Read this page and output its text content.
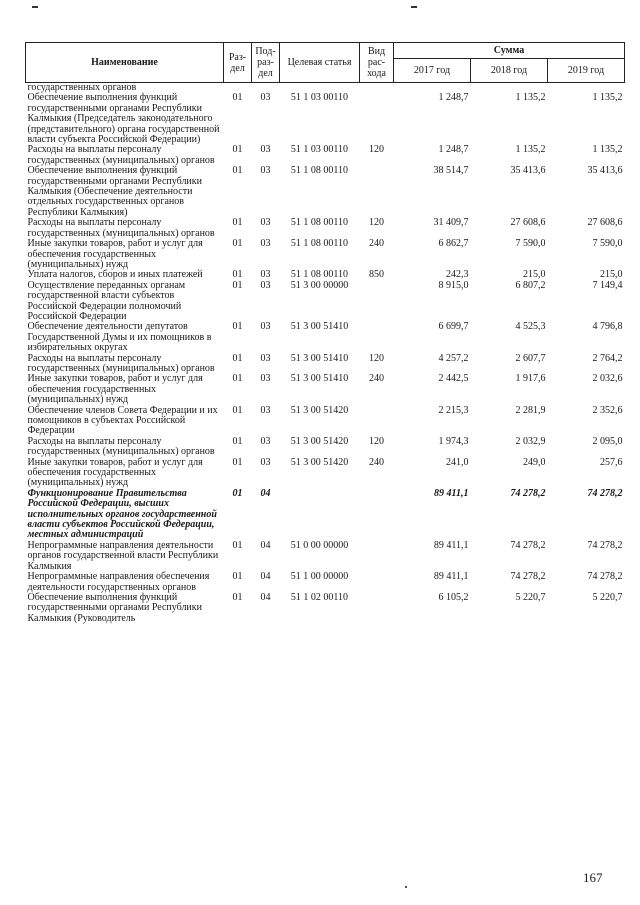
Наименование	Раз-дел	Под-раз-дел	Целевая статья	Вид рас-хода	Сумма		
					2017 год	2018 год	2019 год
государственных органов							
Обеспечение выполнения функций государственными органами Республики Калмыкия (Председатель законодательного (представительного) органа государственной власти субъекта Российской Федерации)	01	03	51 1 03 00110		1 248,7	1 135,2	1 135,2
Расходы на выплаты персоналу государственных (муниципальных) органов	01	03	51 1 03 00110	120	1 248,7	1 135,2	1 135,2
Обеспечение выполнения функций государственными органами Республики Калмыкия (Обеспечение деятельности отдельных государственных органов Республики Калмыкия)	01	03	51 1 08 00110		38 514,7	35 413,6	35 413,6
Расходы на выплаты персоналу государственных (муниципальных) органов	01	03	51 1 08 00110	120	31 409,7	27 608,6	27 608,6
Иные закупки товаров, работ и услуг для обеспечения государственных (муниципальных) нужд	01	03	51 1 08 00110	240	6 862,7	7 590,0	7 590,0
Уплата налогов, сборов и иных платежей	01	03	51 1 08 00110	850	242,3	215,0	215,0
Осуществление переданных органам государственной власти субъектов Российской Федерации полномочий Российской Федерации	01	03	51 3 00 00000		8 915,0	6 807,2	7 149,4
Обеспечение деятельности депутатов Государственной Думы и их помощников в избирательных округах	01	03	51 3 00 51410		6 699,7	4 525,3	4 796,8
Расходы на выплаты персоналу государственных (муниципальных) органов	01	03	51 3 00 51410	120	4 257,2	2 607,7	2 764,2
Иные закупки товаров, работ и услуг для обеспечения государственных (муниципальных) нужд	01	03	51 3 00 51410	240	2 442,5	1 917,6	2 032,6
Обеспечение членов Совета Федерации и их помощников в субъектах Российской Федерации	01	03	51 3 00 51420		2 215,3	2 281,9	2 352,6
Расходы на выплаты персоналу государственных (муниципальных) органов	01	03	51 3 00 51420	120	1 974,3	2 032,9	2 095,0
Иные закупки товаров, работ и услуг для обеспечения государственных (муниципальных) нужд	01	03	51 3 00 51420	240	241,0	249,0	257,6
Функционирование Правительства Российской Федерации, высших исполнительных органов государственной власти субъектов Российской Федерации, местных администраций	01	04			89 411,1	74 278,2	74 278,2
Непрограммные направления деятельности органов государственной власти Республики Калмыкия	01	04	51 0 00 00000		89 411,1	74 278,2	74 278,2
Непрограммные направления обеспечения деятельности государственных органов	01	04	51 1 00 00000		89 411,1	74 278,2	74 278,2
Обеспечение выполнения функций государственными органами Республики Калмыкия (Руководитель	01	04	51 1 02 00110		6 105,2	5 220,7	5 220,7
167
